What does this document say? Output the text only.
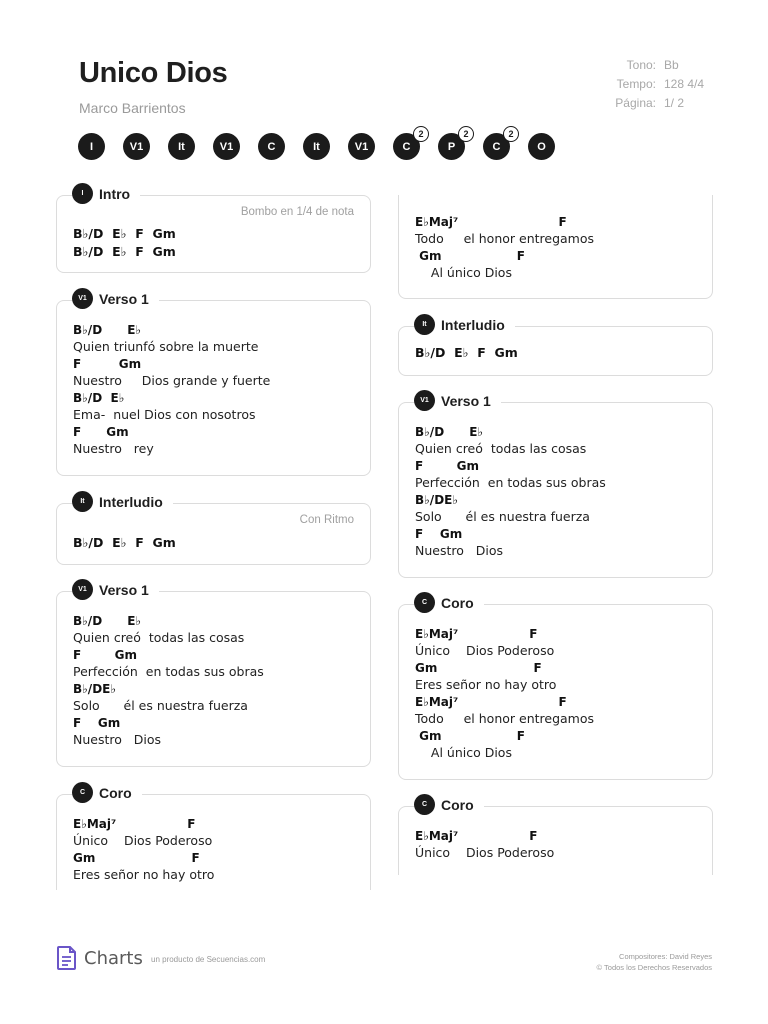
Unico Dios
Marco Barrientos
Tono: Bb
Tempo: 128 4/4
Página: 1/ 2
I	V1	It	V1	C	It	V1	C
2
P
2
C
2
O
I	Intro
Bombo en 1/4 de nota
B♭/D  E♭  F  Gm
B♭/D  E♭  F  Gm
V1 Verso 1
B♭/D      E♭
Quien triunfó sobre la muerte
F         Gm
Nuestro     Dios grande y fuerte
B♭/D  E♭
Ema-  nuel Dios con nosotros
F      Gm
Nuestro   rey
It	Interludio
Con Ritmo
B♭/D  E♭  F  Gm
V1 Verso 1
B♭/D      E♭
Quien creó  todas las cosas
F        Gm
Perfección  en todas sus obras
B♭/DE♭
Solo      él es nuestra fuerza
F    Gm
Nuestro   Dios
C Coro
E♭Maj⁷                 F
Único    Dios Poderoso
Gm                       F
Eres señor no hay otro
E♭Maj⁷                        F
Todo     el honor entregamos
Gm                  F
Al único Dios
It	Interludio
B♭/D  E♭  F  Gm
V1 Verso 1
B♭/D      E♭
Quien creó  todas las cosas
F        Gm
Perfección  en todas sus obras
B♭/DE♭
Solo      él es nuestra fuerza
F    Gm
Nuestro   Dios
C Coro
E♭Maj⁷                 F
Único    Dios Poderoso
Gm                       F
Eres señor no hay otro
E♭Maj⁷                        F
Todo     el honor entregamos
Gm                  F
Al único Dios
C Coro
E♭Maj⁷                 F
Único    Dios Poderoso
Charts un producto de Secuencias.com	Compositores: David Reyes
© Todos los Derechos Reservados
